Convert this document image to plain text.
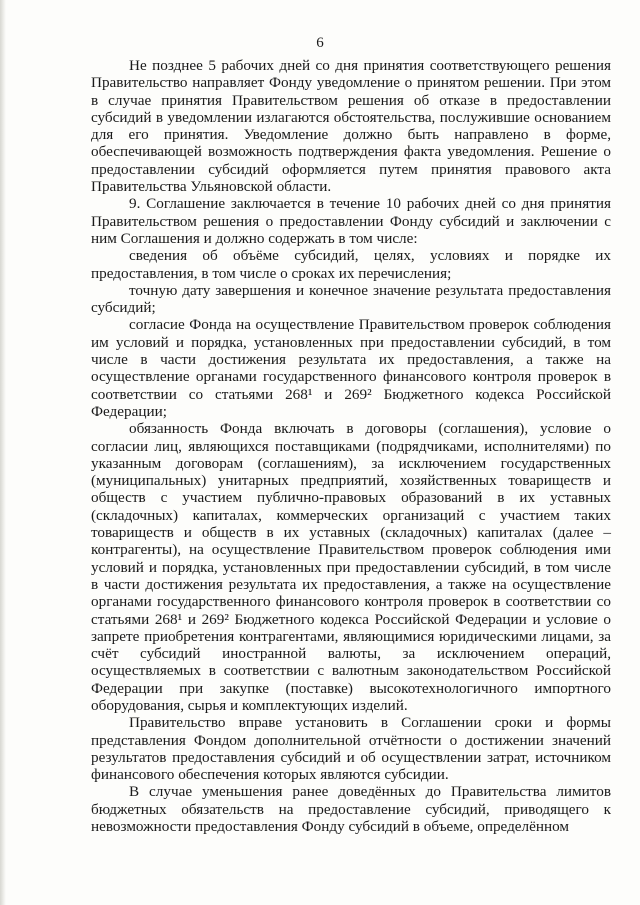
6

Не позднее 5 рабочих дней со дня принятия соответствующего решения Правительство направляет Фонду уведомление о принятом решении. При этом в случае принятия Правительством решения об отказе в предоставлении субсидий в уведомлении излагаются обстоятельства, послужившие основанием для его принятия. Уведомление должно быть направлено в форме, обеспечивающей возможность подтверждения факта уведомления. Решение о предоставлении субсидий оформляется путем принятия правового акта Правительства Ульяновской области.

9. Соглашение заключается в течение 10 рабочих дней со дня принятия Правительством решения о предоставлении Фонду субсидий и заключении с ним Соглашения и должно содержать в том числе:

сведения об объёме субсидий, целях, условиях и порядке их предоставления, в том числе о сроках их перечисления;

точную дату завершения и конечное значение результата предоставления субсидий;

согласие Фонда на осуществление Правительством проверок соблюдения им условий и порядка, установленных при предоставлении субсидий, в том числе в части достижения результата их предоставления, а также на осуществление органами государственного финансового контроля проверок в соответствии со статьями 268¹ и 269² Бюджетного кодекса Российской Федерации;

обязанность Фонда включать в договоры (соглашения), условие о согласии лиц, являющихся поставщиками (подрядчиками, исполнителями) по указанным договорам (соглашениям), за исключением государственных (муниципальных) унитарных предприятий, хозяйственных товариществ и обществ с участием публично-правовых образований в их уставных (складочных) капиталах, коммерческих организаций с участием таких товариществ и обществ в их уставных (складочных) капиталах (далее – контрагенты), на осуществление Правительством проверок соблюдения ими условий и порядка, установленных при предоставлении субсидий, в том числе в части достижения результата их предоставления, а также на осуществление органами государственного финансового контроля проверок в соответствии со статьями 268¹ и 269² Бюджетного кодекса Российской Федерации и условие о запрете приобретения контрагентами, являющимися юридическими лицами, за счёт субсидий иностранной валюты, за исключением операций, осуществляемых в соответствии с валютным законодательством Российской Федерации при закупке (поставке) высокотехнологичного импортного оборудования, сырья и комплектующих изделий.

Правительство вправе установить в Соглашении сроки и формы представления Фондом дополнительной отчётности о достижении значений результатов предоставления субсидий и об осуществлении затрат, источником финансового обеспечения которых являются субсидии.

В случае уменьшения ранее доведённых до Правительства лимитов бюджетных обязательств на предоставление субсидий, приводящего к невозможности предоставления Фонду субсидий в объеме, определённом
